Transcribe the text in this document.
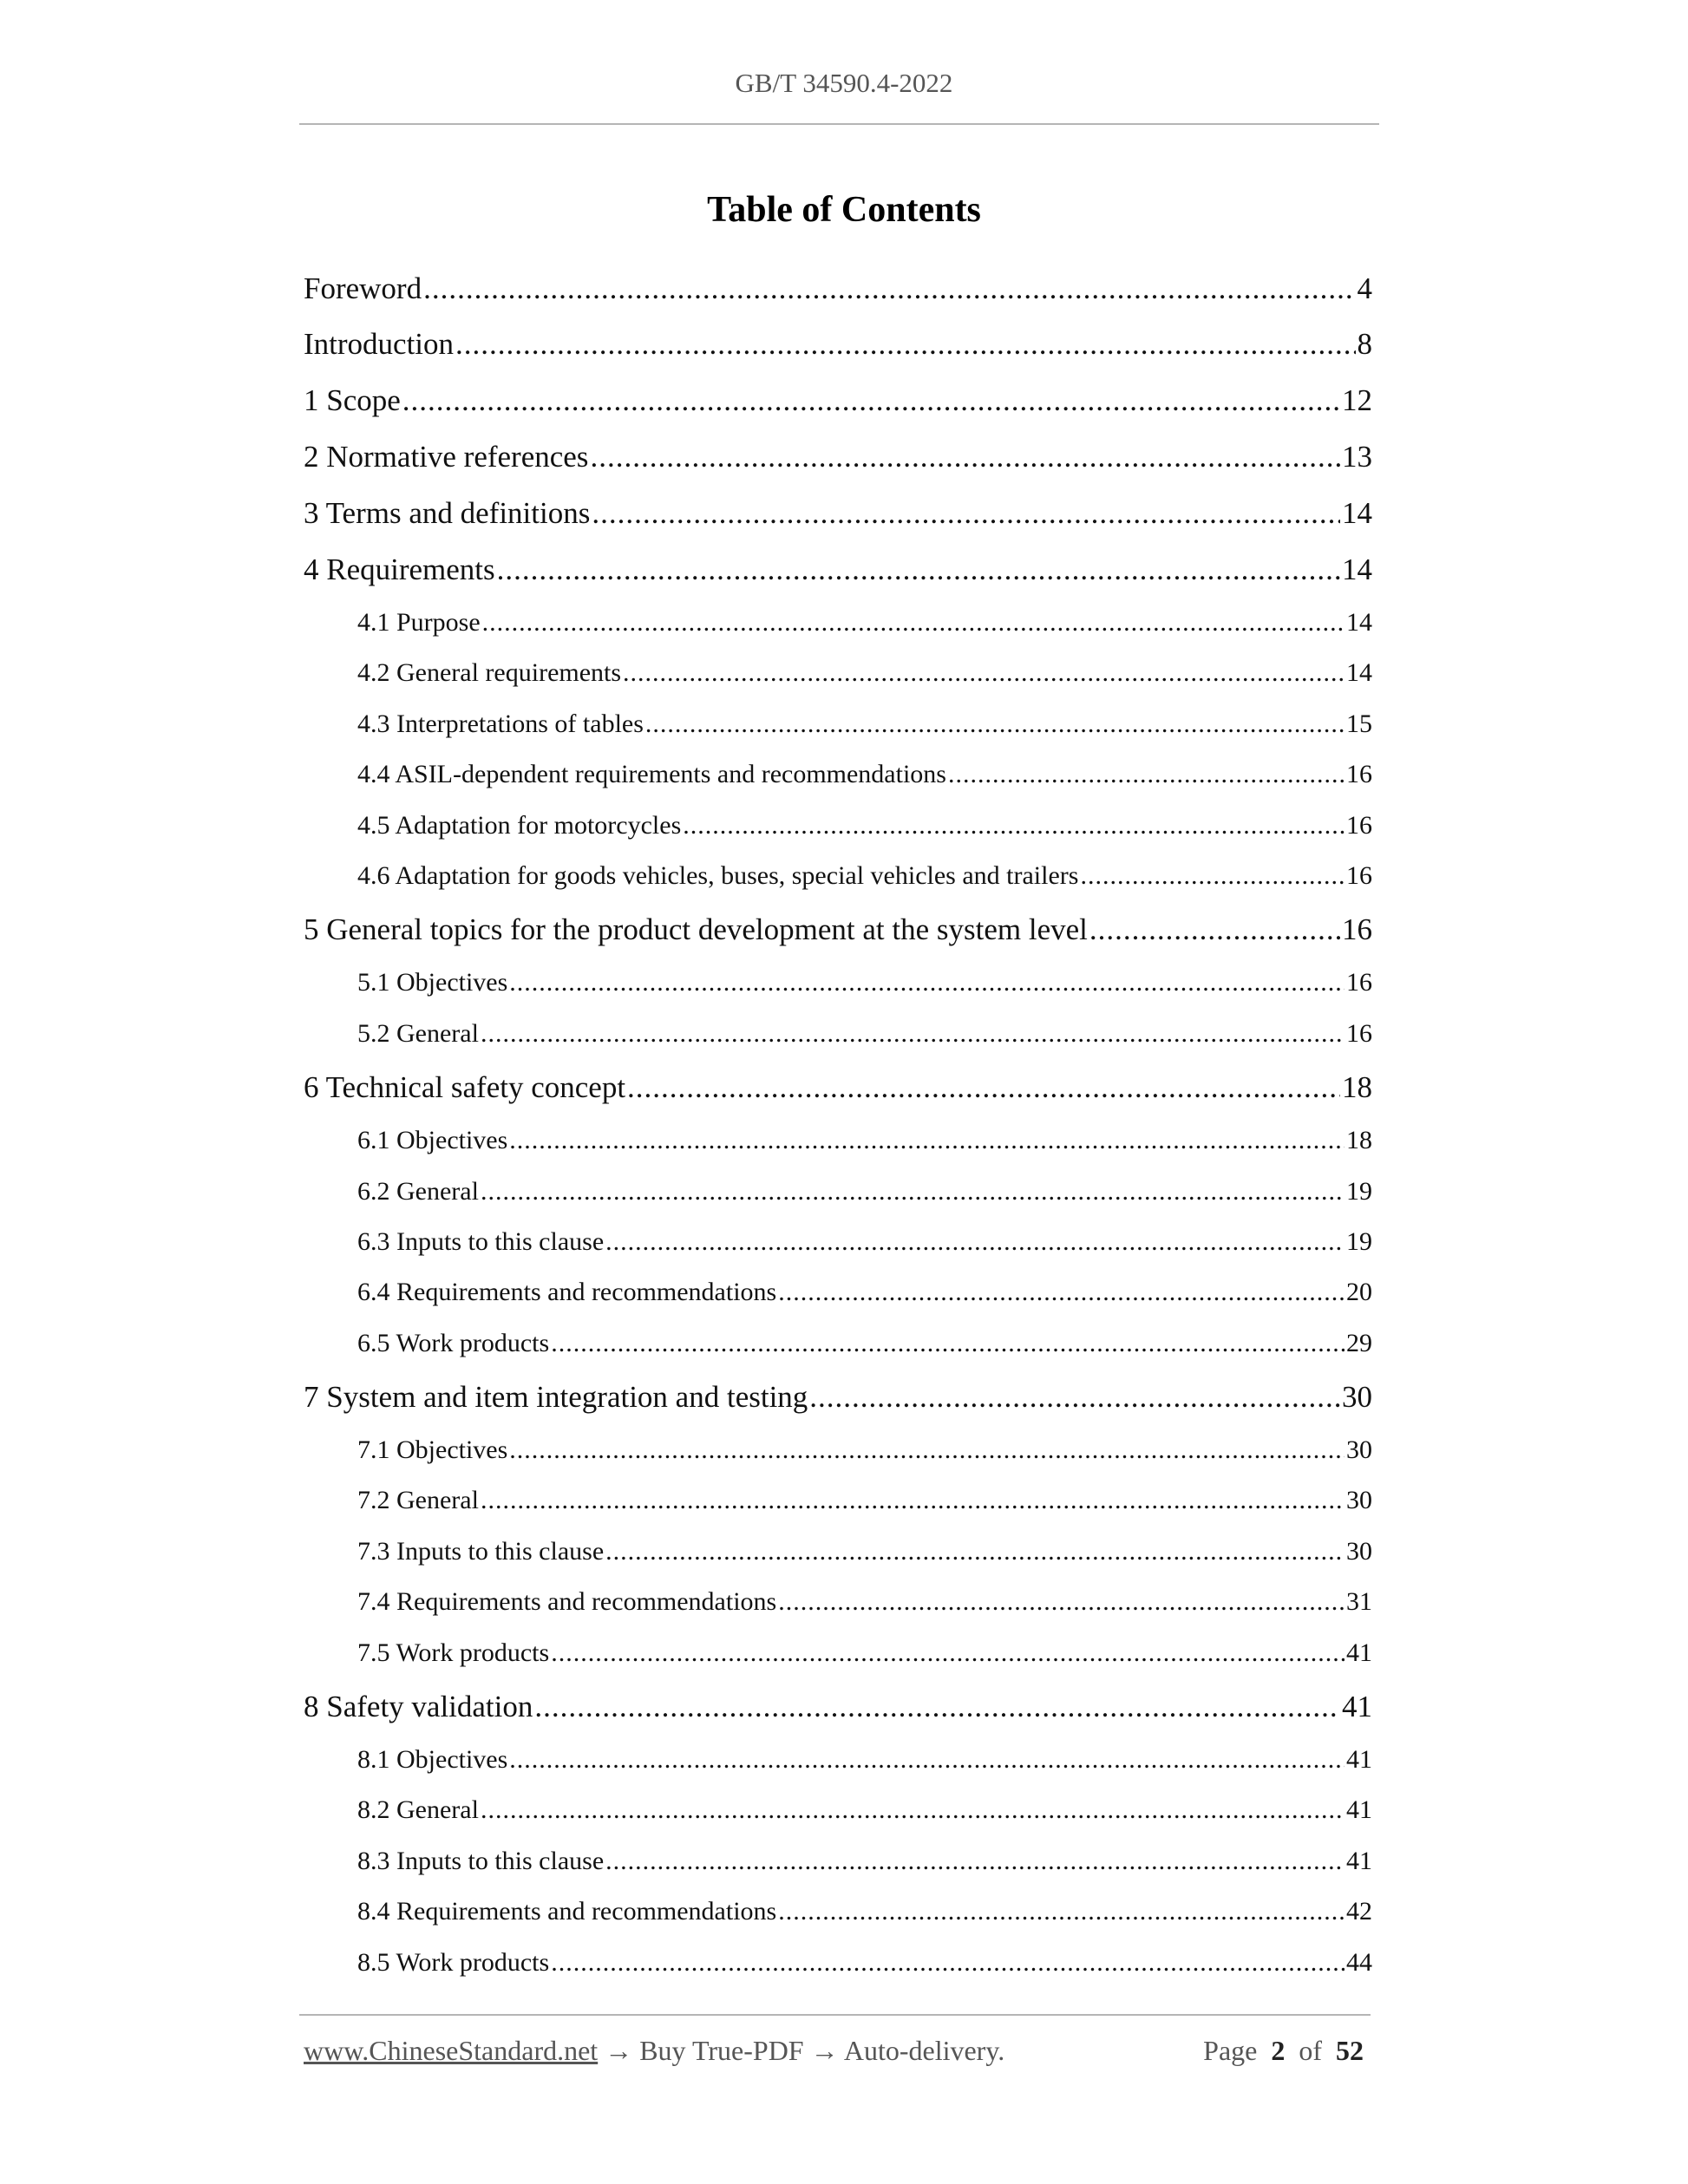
GB/T 34590.4-2022
Table of Contents
Foreword .....	4
Introduction .....	8
1 Scope .....	12
2 Normative references .....	13
3 Terms and definitions .....	14
4 Requirements .....	14
4.1 Purpose .....	14
4.2 General requirements .....	14
4.3 Interpretations of tables .....	15
4.4 ASIL-dependent requirements and recommendations .....	16
4.5 Adaptation for motorcycles .....	16
4.6 Adaptation for goods vehicles, buses, special vehicles and trailers .....	16
5 General topics for the product development at the system level .....	16
5.1 Objectives .....	16
5.2 General .....	16
6 Technical safety concept .....	18
6.1 Objectives .....	18
6.2 General .....	19
6.3 Inputs to this clause .....	19
6.4 Requirements and recommendations .....	20
6.5 Work products .....	29
7 System and item integration and testing .....	30
7.1 Objectives .....	30
7.2 General .....	30
7.3 Inputs to this clause .....	30
7.4 Requirements and recommendations .....	31
7.5 Work products .....	41
8 Safety validation .....	41
8.1 Objectives .....	41
8.2 General .....	41
8.3 Inputs to this clause .....	41
8.4 Requirements and recommendations .....	42
8.5 Work products .....	44
www.ChineseStandard.net → Buy True-PDF → Auto-delivery.	Page 2 of 52
